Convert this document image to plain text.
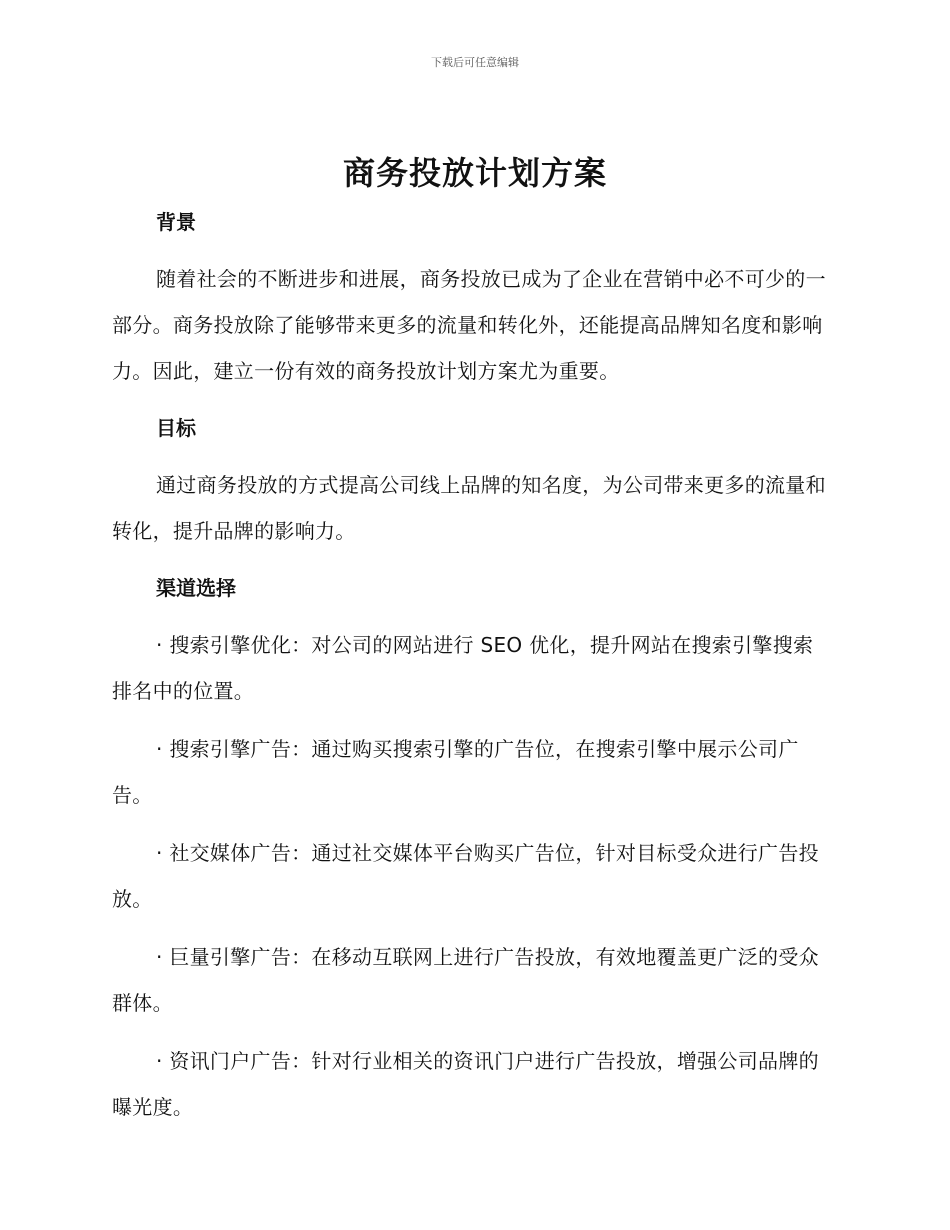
下载后可任意编辑
商务投放计划方案
背景

随着社会的不断进步和进展，商务投放已成为了企业在营销中必不可少的一部分。商务投放除了能够带来更多的流量和转化外，还能提高品牌知名度和影响力。因此，建立一份有效的商务投放计划方案尤为重要。

目标

通过商务投放的方式提高公司线上品牌的知名度，为公司带来更多的流量和转化，提升品牌的影响力。

渠道选择

· 搜索引擎优化：对公司的网站进行 SEO 优化，提升网站在搜索引擎搜索排名中的位置。

· 搜索引擎广告：通过购买搜索引擎的广告位，在搜索引擎中展示公司广告。

· 社交媒体广告：通过社交媒体平台购买广告位，针对目标受众进行广告投放。

· 巨量引擎广告：在移动互联网上进行广告投放，有效地覆盖更广泛的受众群体。

· 资讯门户广告：针对行业相关的资讯门户进行广告投放，增强公司品牌的曝光度。
